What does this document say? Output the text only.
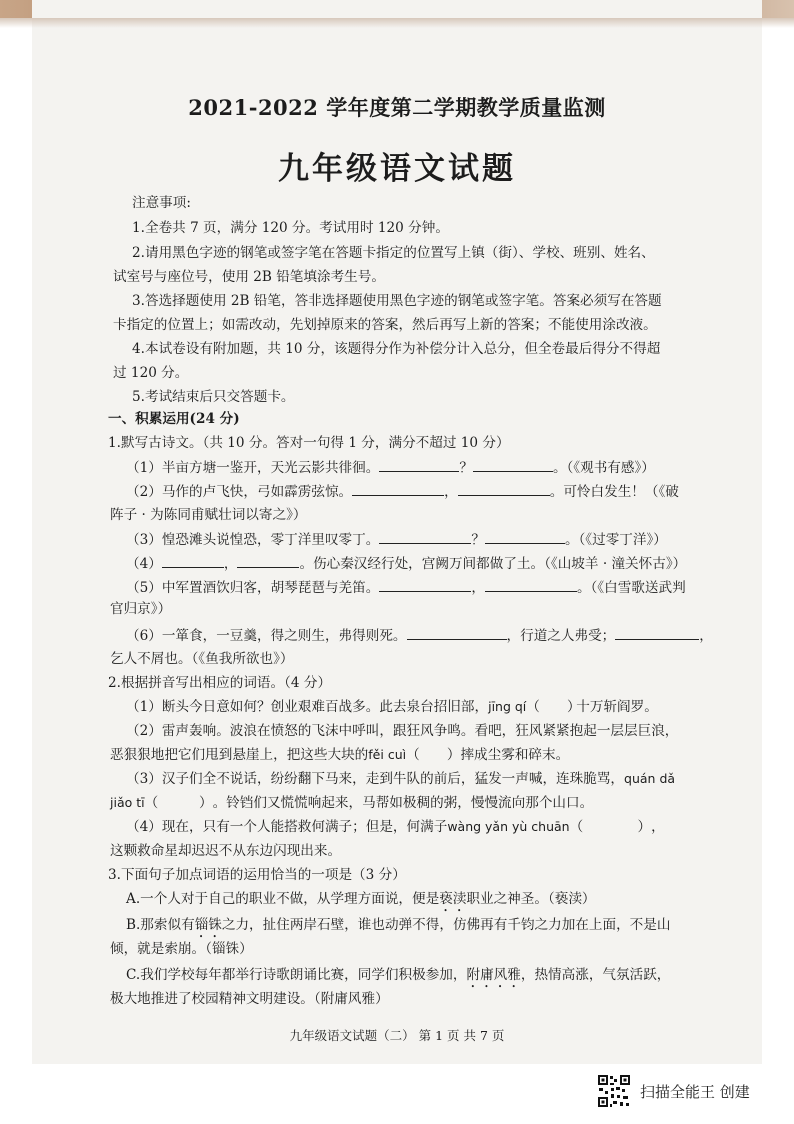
2021-2022 学年度第二学期教学质量监测
九年级语文试题
注意事项:
1.全卷共 7 页，满分 120 分。考试用时 120 分钟。
2.请用黑色字迹的钢笔或签字笔在答题卡指定的位置写上镇（街）、学校、班别、姓名、
试室号与座位号，使用 2B 铅笔填涂考生号。
3.答选择题使用 2B 铅笔，答非选择题使用黑色字迹的钢笔或签字笔。答案必须写在答题
卡指定的位置上；如需改动，先划掉原来的答案，然后再写上新的答案；不能使用涂改液。
4.本试卷设有附加题，共 10 分，该题得分作为补偿分计入总分，但全卷最后得分不得超
过 120 分。
5.考试结束后只交答题卡。
一、积累运用(24 分)
1.默写古诗文。（共 10 分。答对一句得 1 分，满分不超过 10 分）
（1）半亩方塘一鉴开，天光云影共徘徊。	？	。（《观书有感》）
（2）马作的卢飞快，弓如霹雳弦惊。	，	。可怜白发生！（《破
阵子 · 为陈同甫赋壮词以寄之》）
（3）惶恐滩头说惶恐，零丁洋里叹零丁。	？	。（《过零丁洋》）
（4）	，	。伤心秦汉经行处，宫阙万间都做了土。（《山坡羊 · 潼关怀古》）
（5）中军置酒饮归客，胡琴琵琶与羌笛。	，	。（《白雪歌送武判
官归京》）
（6）一箪食，一豆羹，得之则生，弗得则死。	，行道之人弗受；	，
乞人不屑也。（《鱼我所欲也》）
2.根据拼音写出相应的词语。（4 分）
（1）断头今日意如何？创业艰难百战多。此去泉台招旧部，jīng qí（  ）十万斩阎罗。
（2）雷声轰响。波浪在愤怒的飞沫中呼叫，跟狂风争鸣。看吧，狂风紧紧抱起一层层巨浪，
恶狠狠地把它们甩到悬崖上，把这些大块的fěi cuì（  ）摔成尘雾和碎末。
（3）汉子们全不说话，纷纷翻下马来，走到牛队的前后，猛发一声喊，连珠脆骂，quán dǎ
jiǎo tī（   ）。铃铛们又慌慌响起来，马帮如极稠的粥，慢慢流向那个山口。
（4）现在，只有一个人能搭救何满子；但是，何满子wàng yǎn yù chuān（    ），
这颗救命星却迟迟不从东边闪现出来。
3.下面句子加点词语的运用恰当的一项是（3 分）
A.一个人对于自己的职业不做，从学理方面说，便是亵渎职业之神圣。（亵渎）
B.那索似有锱铢之力，扯住两岸石壁，谁也动弹不得，仿佛再有千钧之力加在上面，不是山
倾，就是索崩。（锱铢）
C.我们学校每年都举行诗歌朗诵比赛，同学们积极参加，附庸风雅，热情高涨，气氛活跃，
极大地推进了校园精神文明建设。（附庸风雅）
九年级语文试题（二） 第 1 页 共 7 页
扫描全能王 创建
